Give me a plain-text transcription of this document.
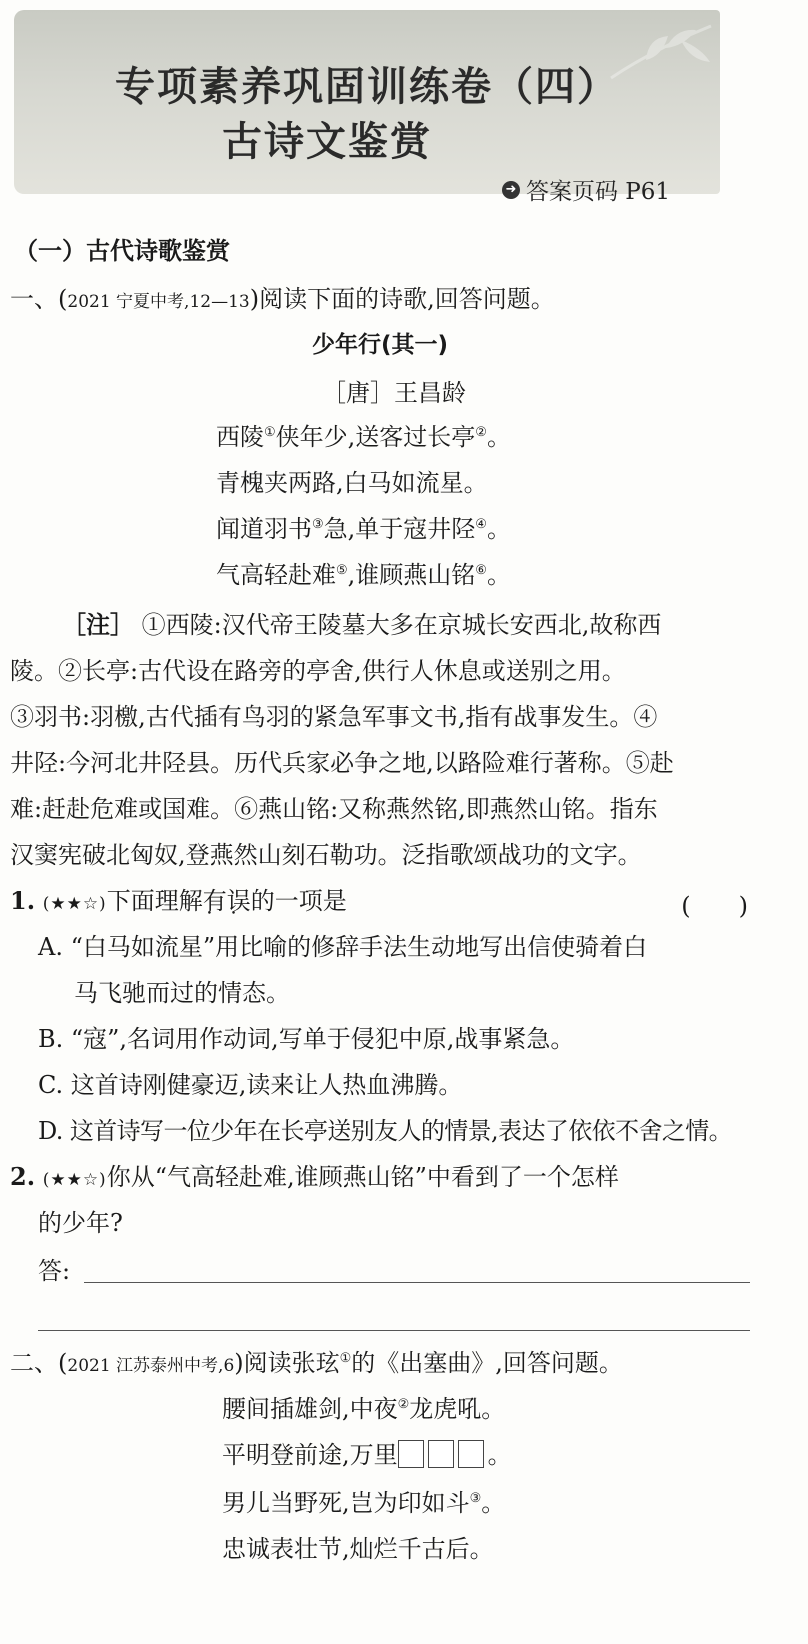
专项素养巩固训练卷（四）
古诗文鉴赏
➜ 答案页码 P61
（一）古代诗歌鉴赏
一、(2021 宁夏中考,12—13)阅读下面的诗歌,回答问题。
少年行(其一)
［唐］王昌龄
西陵①侠年少,送客过长亭②。
青槐夹两路,白马如流星。
闻道羽书③急,单于寇井陉④。
气高轻赴难⑤,谁顾燕山铭⑥。
［注］ ①西陵:汉代帝王陵墓大多在京城长安西北,故称西
陵。②长亭:古代设在路旁的亭舍,供行人休息或送别之用。
③羽书:羽檄,古代插有鸟羽的紧急军事文书,指有战事发生。④
井陉:今河北井陉县。历代兵家必争之地,以路险难行著称。⑤赴
难:赶赴危难或国难。⑥燕山铭:又称燕然铭,即燕然山铭。指东
汉窦宪破北匈奴,登燕然山刻石勒功。泛指歌颂战功的文字。
1. (★★☆)下面理解有误 • •的一项是	(　　)
A. “白马如流星”用比喻的修辞手法生动地写出信使骑着白
马飞驰而过的情态。
B. “寇”,名词用作动词,写单于侵犯中原,战事紧急。
C. 这首诗刚健豪迈,读来让人热血沸腾。
D. 这首诗写一位少年在长亭送别友人的情景,表达了依依不舍之情。
2. (★★☆)你从“气高轻赴难,谁顾燕山铭”中看到了一个怎样
的少年?
答:
二、(2021 江苏泰州中考,6)阅读张玹①的《出塞曲》,回答问题。
腰间插雄剑,中夜②龙虎吼。
平明登前途,万里	。
男儿当野死,岂为印如斗③。
忠诚表壮节,灿烂千古后。
